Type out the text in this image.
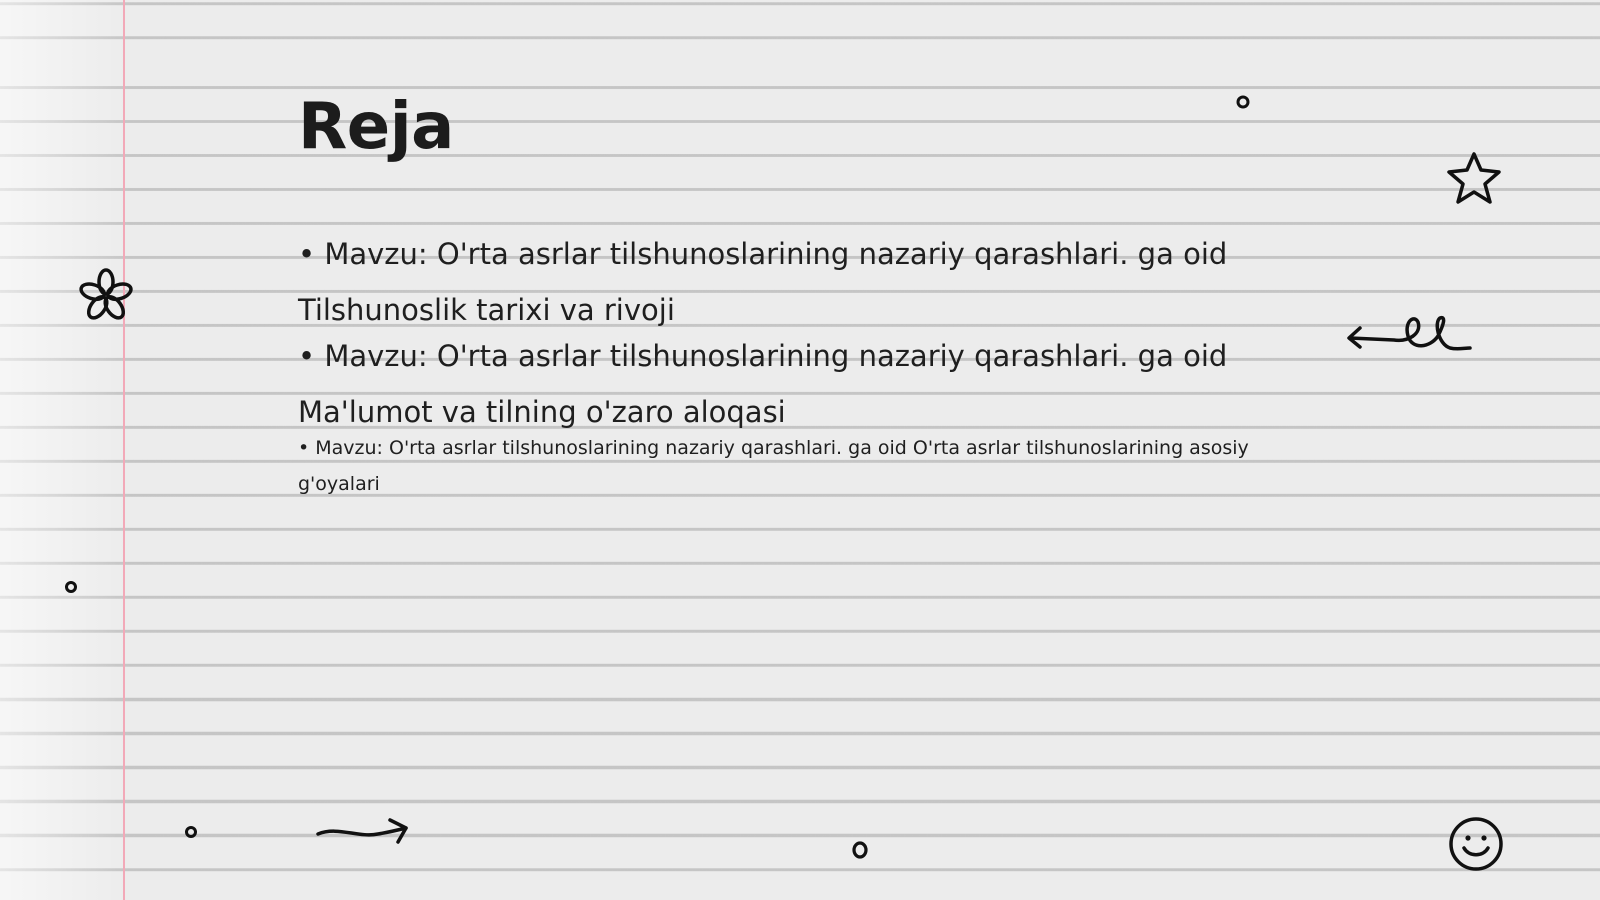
Reja

• Mavzu: O'rta asrlar tilshunoslarining nazariy qarashlari. ga oid Tilshunoslik tarixi va rivoji

• Mavzu: O'rta asrlar tilshunoslarining nazariy qarashlari. ga oid Ma'lumot va tilning o'zaro aloqasi

• Mavzu: O'rta asrlar tilshunoslarining nazariy qarashlari. ga oid O'rta asrlar tilshunoslarining asosiy g'oyalari
